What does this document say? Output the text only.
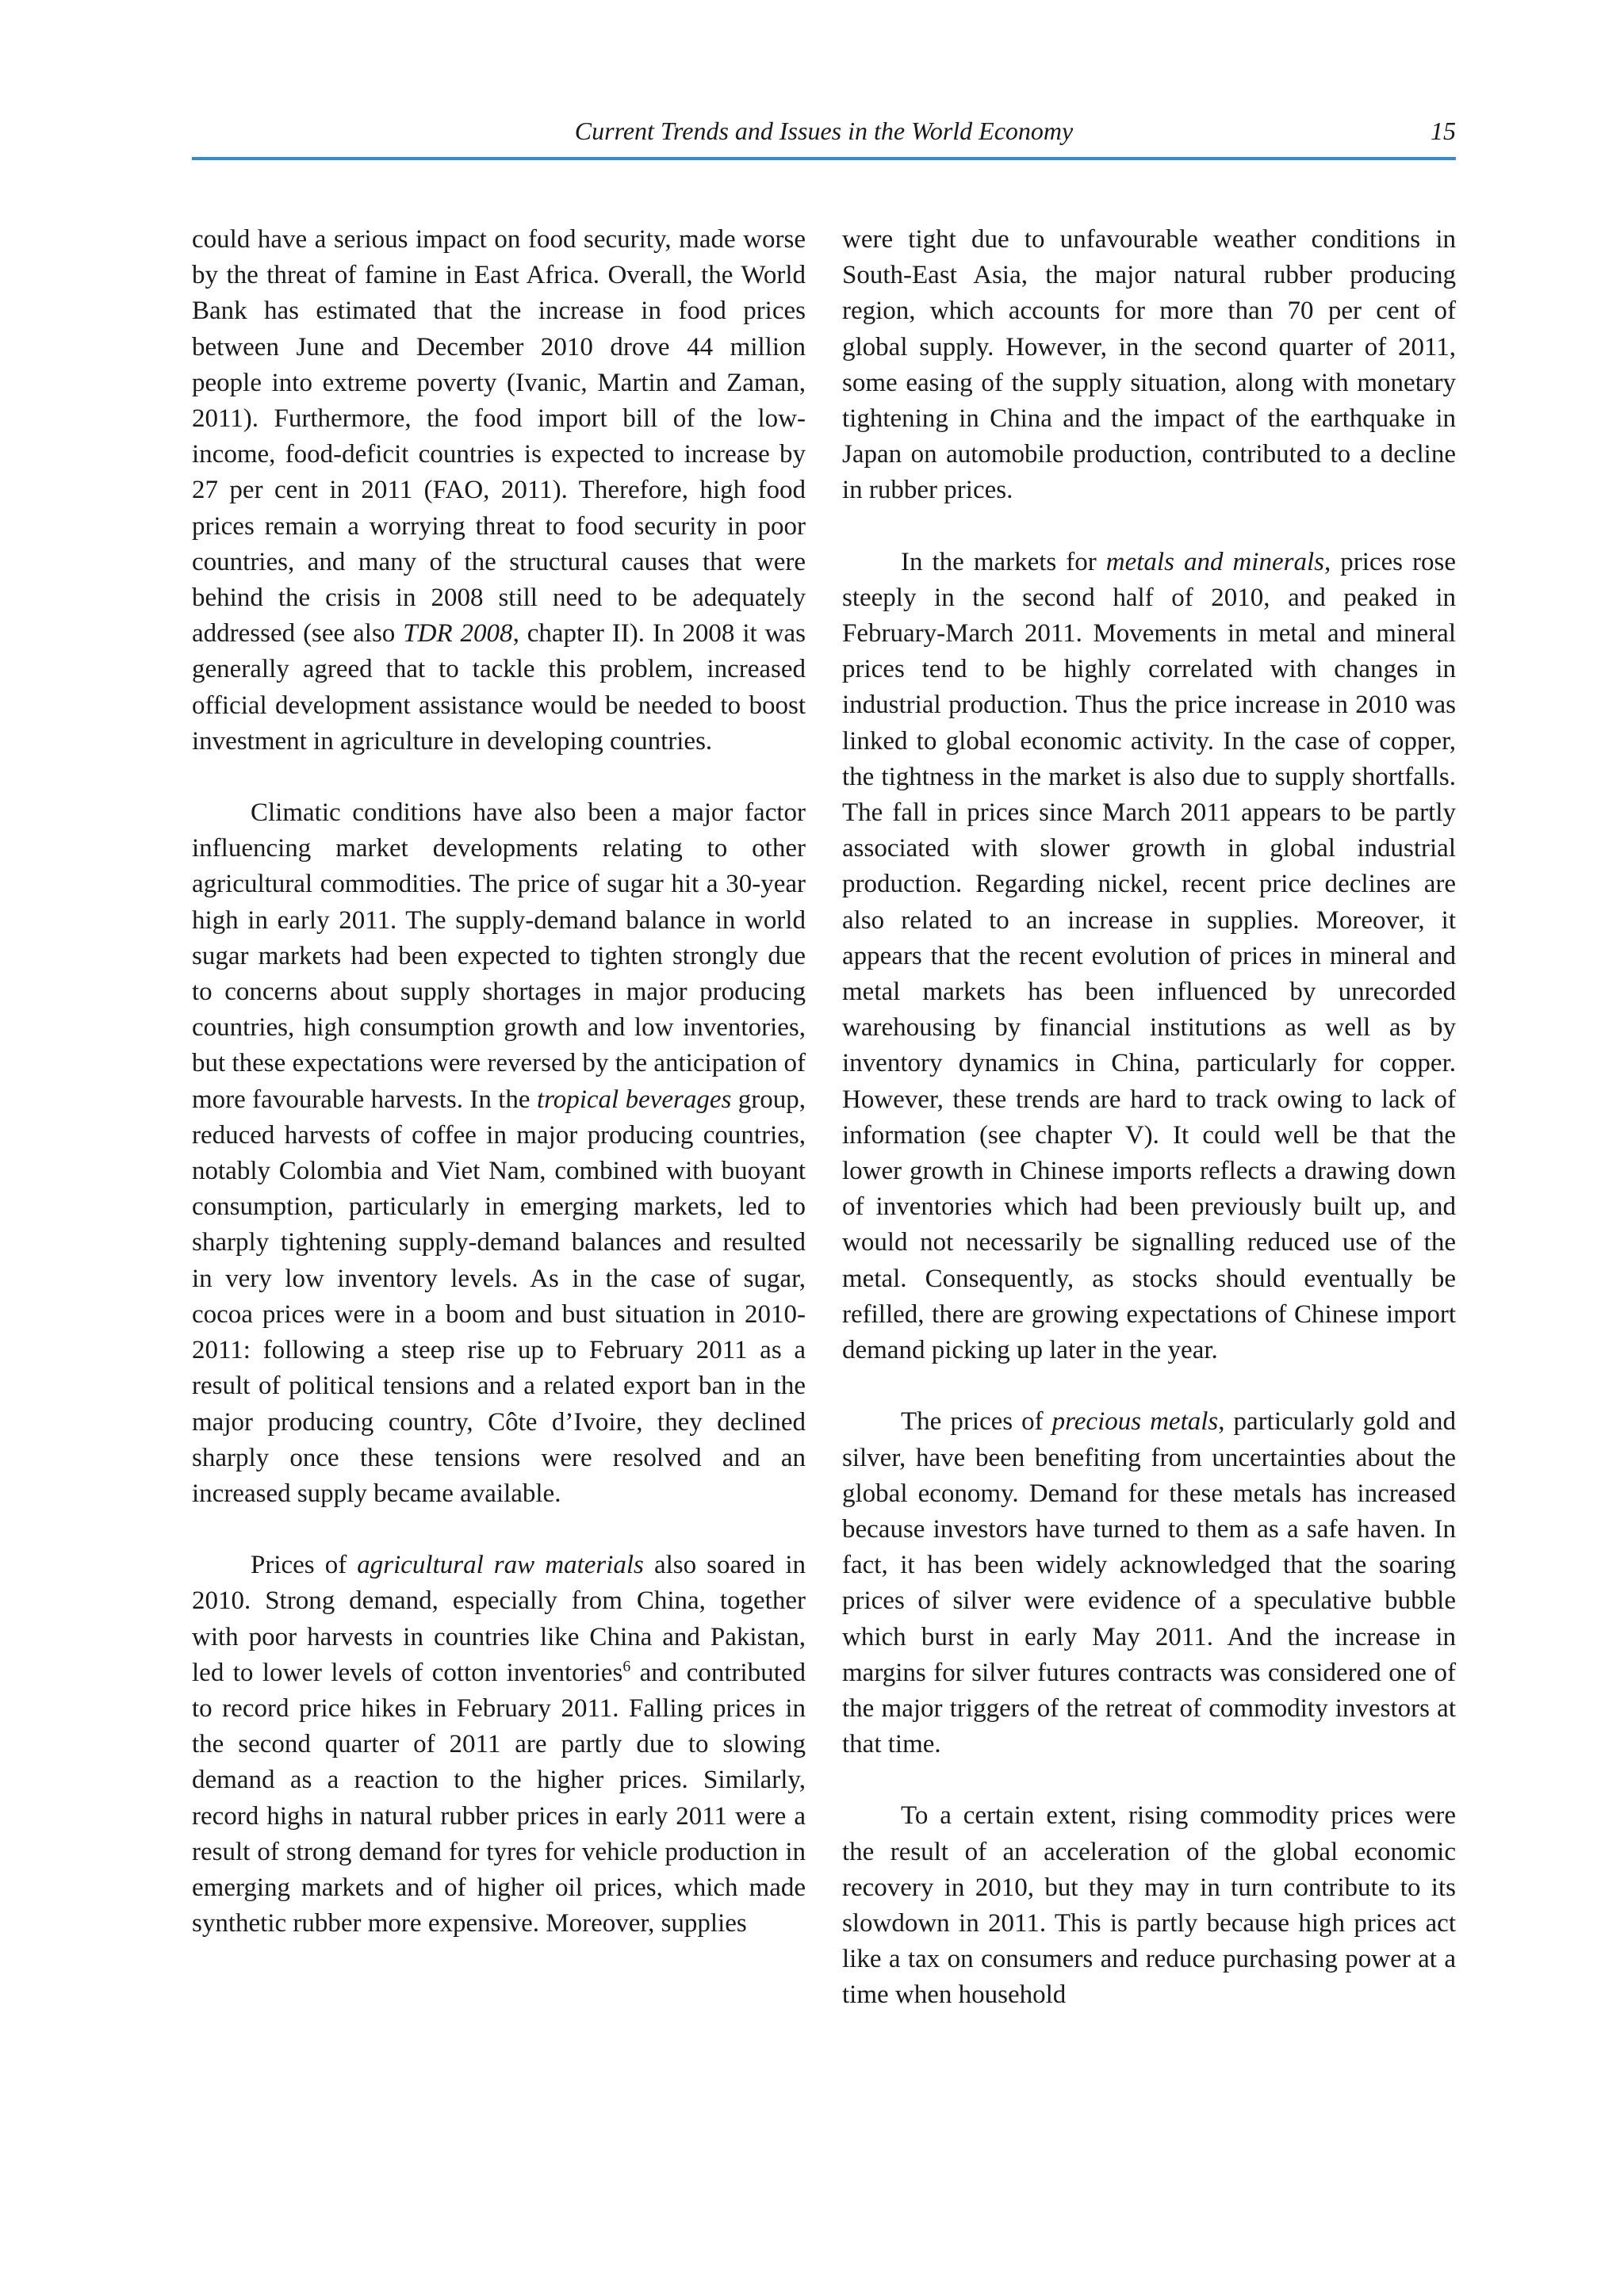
Current Trends and Issues in the World Economy	15

could have a serious impact on food security, made worse by the threat of famine in East Africa. Overall, the World Bank has estimated that the increase in food prices between June and December 2010 drove 44 million people into extreme poverty (Ivanic, Martin and Zaman, 2011). Furthermore, the food import bill of the low-income, food-deficit countries is expected to increase by 27 per cent in 2011 (FAO, 2011). Therefore, high food prices remain a worrying threat to food security in poor countries, and many of the structural causes that were behind the crisis in 2008 still need to be adequately addressed (see also TDR 2008, chapter II). In 2008 it was generally agreed that to tackle this problem, increased official development assistance would be needed to boost investment in agriculture in developing countries.

Climatic conditions have also been a major factor influencing market developments relating to other agricultural commodities. The price of sugar hit a 30-year high in early 2011. The supply-demand balance in world sugar markets had been expected to tighten strongly due to concerns about supply shortages in major producing countries, high consumption growth and low inventories, but these expectations were reversed by the anticipation of more favourable harvests. In the tropical beverages group, reduced harvests of coffee in major producing countries, notably Colombia and Viet Nam, combined with buoyant consumption, particularly in emerging markets, led to sharply tightening supply-demand balances and resulted in very low inventory levels. As in the case of sugar, cocoa prices were in a boom and bust situation in 2010-2011: following a steep rise up to February 2011 as a result of political tensions and a related export ban in the major producing country, Côte d’Ivoire, they declined sharply once these tensions were resolved and an increased supply became available.

Prices of agricultural raw materials also soared in 2010. Strong demand, especially from China, together with poor harvests in countries like China and Pakistan, led to lower levels of cotton inventories$^6$ and contributed to record price hikes in February 2011. Falling prices in the second quarter of 2011 are partly due to slowing demand as a reaction to the higher prices. Similarly, record highs in natural rubber prices in early 2011 were a result of strong demand for tyres for vehicle production in emerging markets and of higher oil prices, which made synthetic rubber more expensive. Moreover, supplies

were tight due to unfavourable weather conditions in South-East Asia, the major natural rubber producing region, which accounts for more than 70 per cent of global supply. However, in the second quarter of 2011, some easing of the supply situation, along with monetary tightening in China and the impact of the earthquake in Japan on automobile production, contributed to a decline in rubber prices.

In the markets for metals and minerals, prices rose steeply in the second half of 2010, and peaked in February-March 2011. Movements in metal and mineral prices tend to be highly correlated with changes in industrial production. Thus the price increase in 2010 was linked to global economic activity. In the case of copper, the tightness in the market is also due to supply shortfalls. The fall in prices since March 2011 appears to be partly associated with slower growth in global industrial production. Regarding nickel, recent price declines are also related to an increase in supplies. Moreover, it appears that the recent evolution of prices in mineral and metal markets has been influenced by unrecorded warehousing by financial institutions as well as by inventory dynamics in China, particularly for copper. However, these trends are hard to track owing to lack of information (see chapter V). It could well be that the lower growth in Chinese imports reflects a drawing down of inventories which had been previously built up, and would not necessarily be signalling reduced use of the metal. Consequently, as stocks should eventually be refilled, there are growing expectations of Chinese import demand picking up later in the year.

The prices of precious metals, particularly gold and silver, have been benefiting from uncertainties about the global economy. Demand for these metals has increased because investors have turned to them as a safe haven. In fact, it has been widely acknowledged that the soaring prices of silver were evidence of a speculative bubble which burst in early May 2011. And the increase in margins for silver futures contracts was considered one of the major triggers of the retreat of commodity investors at that time.

To a certain extent, rising commodity prices were the result of an acceleration of the global economic recovery in 2010, but they may in turn contribute to its slowdown in 2011. This is partly because high prices act like a tax on consumers and reduce purchasing power at a time when household
